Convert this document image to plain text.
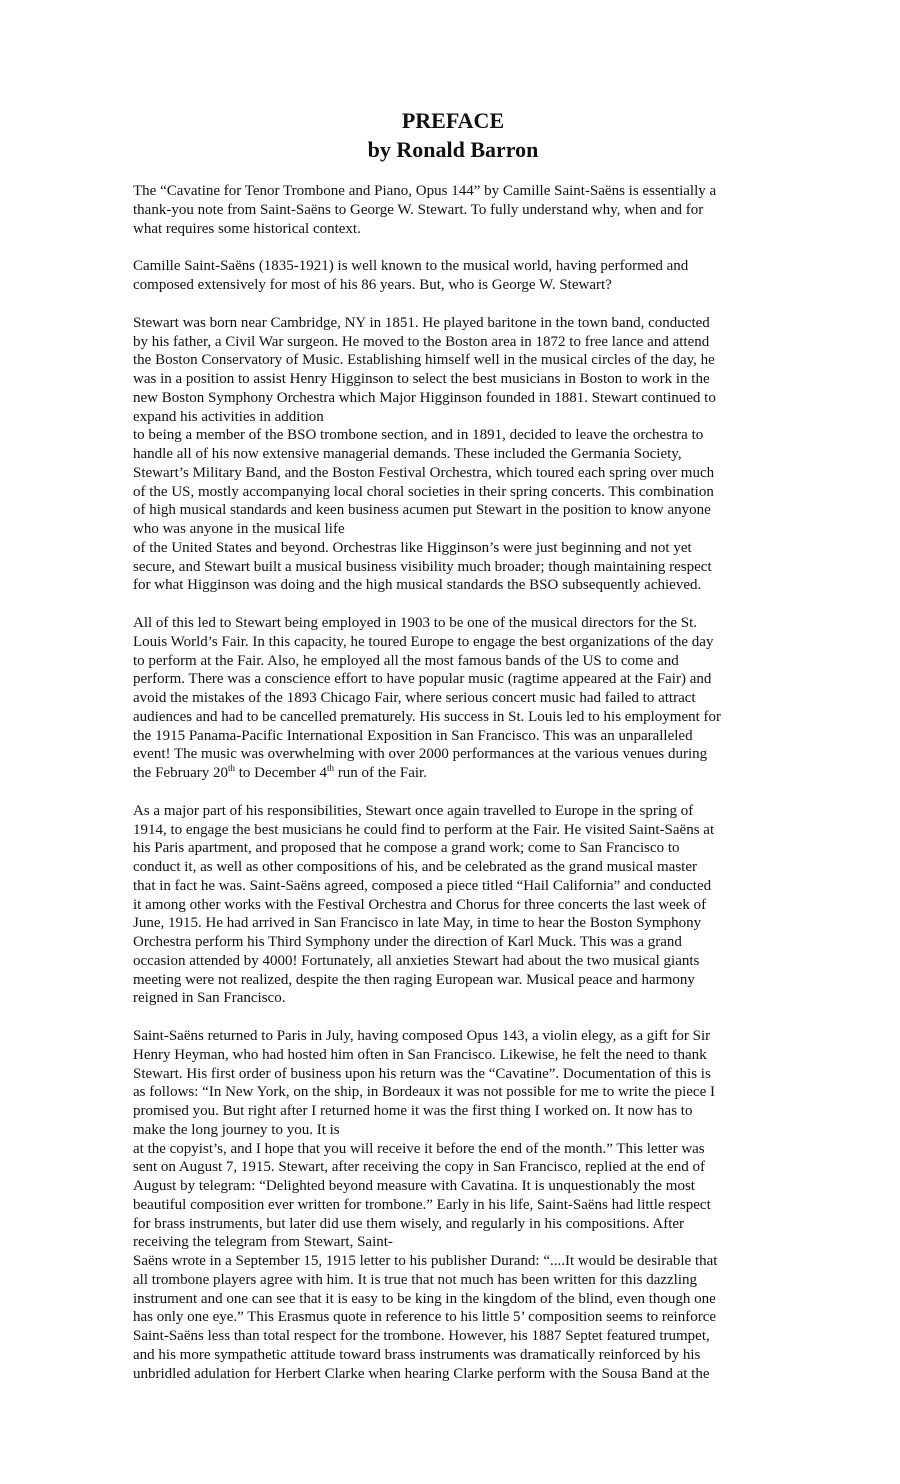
PREFACE
by Ronald Barron

The “Cavatine for Tenor Trombone and Piano, Opus 144” by Camille Saint-Saëns is essentially a
thank-you note from Saint-Saëns to George W. Stewart. To fully understand why, when and for
what requires some historical context.

Camille Saint-Saëns (1835-1921) is well known to the musical world, having performed and
composed extensively for most of his 86 years. But, who is George W. Stewart?

Stewart was born near Cambridge, NY in 1851. He played baritone in the town band, conducted
by his father, a Civil War surgeon. He moved to the Boston area in 1872 to free lance and attend
the Boston Conservatory of Music. Establishing himself well in the musical circles of the day, he
was in a position to assist Henry Higginson to select the best musicians in Boston to work in the
new Boston Symphony Orchestra which Major Higginson founded in 1881. Stewart continued to
expand his activities in addition
to being a member of the BSO trombone section, and in 1891, decided to leave the orchestra to
handle all of his now extensive managerial demands. These included the Germania Society,
Stewart’s Military Band, and the Boston Festival Orchestra, which toured each spring over much
of the US, mostly accompanying local choral societies in their spring concerts. This combination
of high musical standards and keen business acumen put Stewart in the position to know anyone
who was anyone in the musical life
of the United States and beyond. Orchestras like Higginson’s were just beginning and not yet
secure, and Stewart built a musical business visibility much broader; though maintaining respect
for what Higginson was doing and the high musical standards the BSO subsequently achieved.

All of this led to Stewart being employed in 1903 to be one of the musical directors for the St.
Louis World’s Fair. In this capacity, he toured Europe to engage the best organizations of the day
to perform at the Fair. Also, he employed all the most famous bands of the US to come and
perform. There was a conscience effort to have popular music (ragtime appeared at the Fair) and
avoid the mistakes of the 1893 Chicago Fair, where serious concert music had failed to attract
audiences and had to be cancelled prematurely. His success in St. Louis led to his employment for
the 1915 Panama-Pacific International Exposition in San Francisco. This was an unparalleled
event! The music was overwhelming with over 2000 performances at the various venues during
the February 20th to December 4th run of the Fair.

As a major part of his responsibilities, Stewart once again travelled to Europe in the spring of
1914, to engage the best musicians he could find to perform at the Fair. He visited Saint-Saëns at
his Paris apartment, and proposed that he compose a grand work; come to San Francisco to
conduct it, as well as other compositions of his, and be celebrated as the grand musical master
that in fact he was. Saint-Saëns agreed, composed a piece titled “Hail California” and conducted
it among other works with the Festival Orchestra and Chorus for three concerts the last week of
June, 1915. He had arrived in San Francisco in late May, in time to hear the Boston Symphony
Orchestra perform his Third Symphony under the direction of Karl Muck. This was a grand
occasion attended by 4000! Fortunately, all anxieties Stewart had about the two musical giants
meeting were not realized, despite the then raging European war. Musical peace and harmony
reigned in San Francisco.

Saint-Saëns returned to Paris in July, having composed Opus 143, a violin elegy, as a gift for Sir
Henry Heyman, who had hosted him often in San Francisco. Likewise, he felt the need to thank
Stewart. His first order of business upon his return was the “Cavatine”. Documentation of this is
as follows: “In New York, on the ship, in Bordeaux it was not possible for me to write the piece I
promised you. But right after I returned home it was the first thing I worked on. It now has to
make the long journey to you. It is
at the copyist’s, and I hope that you will receive it before the end of the month.” This letter was
sent on August 7, 1915. Stewart, after receiving the copy in San Francisco, replied at the end of
August by telegram: “Delighted beyond measure with Cavatina. It is unquestionably the most
beautiful composition ever written for trombone.” Early in his life, Saint-Saëns had little respect
for brass instruments, but later did use them wisely, and regularly in his compositions. After
receiving the telegram from Stewart, Saint-
Saëns wrote in a September 15, 1915 letter to his publisher Durand: “....It would be desirable that
all trombone players agree with him. It is true that not much has been written for this dazzling
instrument and one can see that it is easy to be king in the kingdom of the blind, even though one
has only one eye.” This Erasmus quote in reference to his little 5’ composition seems to reinforce
Saint-Saëns less than total respect for the trombone. However, his 1887 Septet featured trumpet,
and his more sympathetic attitude toward brass instruments was dramatically reinforced by his
unbridled adulation for Herbert Clarke when hearing Clarke perform with the Sousa Band at the
